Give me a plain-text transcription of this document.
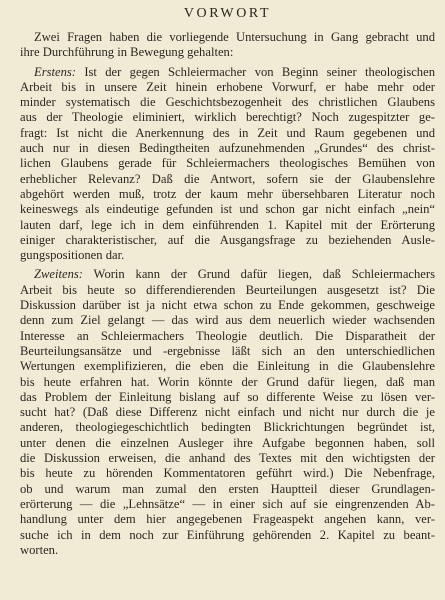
VORWORT
Zwei Fragen haben die vorliegende Untersuchung in Gang gebracht und
ihre Durchführung in Bewegung gehalten:
Erstens: Ist der gegen Schleiermacher von Beginn seiner theologischen
Arbeit bis in unsere Zeit hinein erhobene Vorwurf, er habe mehr oder
minder systematisch die Geschichtsbezogenheit des christlichen Glaubens
aus der Theologie eliminiert, wirklich berechtigt? Noch zugespitzter ge-
fragt: Ist nicht die Anerkennung des in Zeit und Raum gegebenen und
auch nur in diesen Bedingtheiten aufzunehmenden „Grundes“ des christ-
lichen Glaubens gerade für Schleiermachers theologisches Bemühen von
erheblicher Relevanz? Daß die Antwort, sofern sie der Glaubenslehre
abgehört werden muß, trotz der kaum mehr übersehbaren Literatur noch
keineswegs als eindeutige gefunden ist und schon gar nicht einfach „nein“
lauten darf, lege ich in dem einführenden 1. Kapitel mit der Erörterung
einiger charakteristischer, auf die Ausgangsfrage zu beziehenden Ausle-
gungspositionen dar.
Zweitens: Worin kann der Grund dafür liegen, daß Schleiermachers
Arbeit bis heute so differendierenden Beurteilungen ausgesetzt ist? Die
Diskussion darüber ist ja nicht etwa schon zu Ende gekommen, geschweige
denn zum Ziel gelangt — das wird aus dem neuerlich wieder wachsenden
Interesse an Schleiermachers Theologie deutlich. Die Disparatheit der
Beurteilungsansätze und -ergebnisse läßt sich an den unterschiedlichen
Wertungen exemplifizieren, die eben die Einleitung in die Glaubenslehre
bis heute erfahren hat. Worin könnte der Grund dafür liegen, daß man
das Problem der Einleitung bislang auf so differente Weise zu lösen ver-
sucht hat? (Daß diese Differenz nicht einfach und nicht nur durch die je
anderen, theologiegeschichtlich bedingten Blickrichtungen begründet ist,
unter denen die einzelnen Ausleger ihre Aufgabe begonnen haben, soll
die Diskussion erweisen, die anhand des Textes mit den wichtigsten der
bis heute zu hörenden Kommentatoren geführt wird.) Die Nebenfrage,
ob und warum man zumal den ersten Hauptteil dieser Grundlagen-
erörterung — die „Lehnsätze“ — in einer sich auf sie eingrenzenden Ab-
handlung unter dem hier angegebenen Frageaspekt angehen kann, ver-
suche ich in dem noch zur Einführung gehörenden 2. Kapitel zu beant-
worten.
